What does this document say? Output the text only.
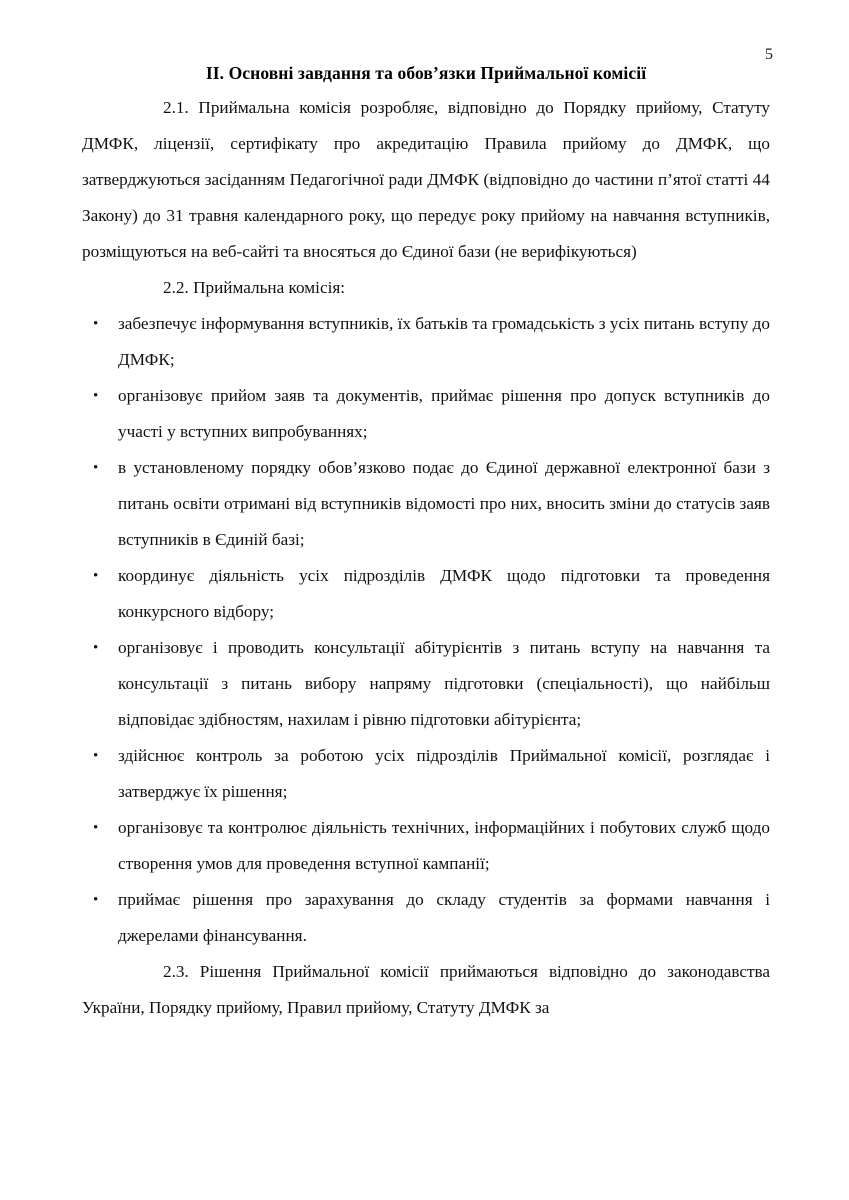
5
II. Основні завдання та обов’язки Приймальної комісії

2.1. Приймальна комісія розробляє, відповідно до Порядку прийому, Статуту ДМФК, ліцензії, сертифікату про акредитацію Правила прийому до ДМФК, що затверджуються засіданням Педагогічної ради ДМФК (відповідно до частини п’ятої статті 44 Закону) до 31 травня календарного року, що передує року прийому на навчання вступників, розміщуються на веб-сайті та вносяться до Єдиної бази (не верифікуються)

2.2. Приймальна комісія:

• забезпечує інформування вступників, їх батьків та громадськість з усіх питань вступу до ДМФК;
• організовує прийом заяв та документів, приймає рішення про допуск вступників до участі у вступних випробуваннях;
• в установленому порядку обов’язково подає до Єдиної державної електронної бази з питань освіти отримані від вступників відомості про них, вносить зміни до статусів заяв вступників в Єдиній базі;
• координує діяльність усіх підрозділів ДМФК щодо підготовки та проведення конкурсного відбору;
• організовує і проводить консультації абітурієнтів з питань вступу на навчання та консультації з питань вибору напряму підготовки (спеціальності), що найбільш відповідає здібностям, нахилам і рівню підготовки абітурієнта;
• здійснює контроль за роботою усіх підрозділів Приймальної комісії, розглядає і затверджує їх рішення;
• організовує та контролює діяльність технічних, інформаційних і побутових служб щодо створення умов для проведення вступної кампанії;
• приймає рішення про зарахування до складу студентів за формами навчання і джерелами фінансування.

2.3. Рішення Приймальної комісії приймаються відповідно до законодавства України, Порядку прийому, Правил прийому, Статуту ДМФК за
